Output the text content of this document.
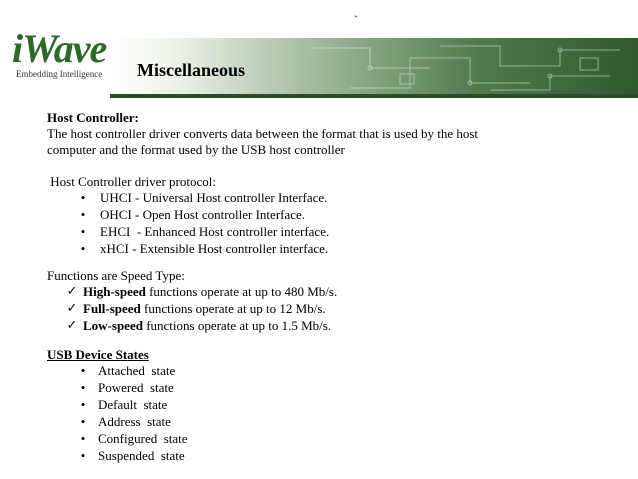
`
iWave
Embedding Intelligence Miscellaneous

Host Controller:

The host controller driver converts data between the format that is used by the host

computer and the format used by the USB host controller

Host Controller driver protocol:

• UHCI - Universal Host controller Interface.
• OHCI - Open Host controller Interface.
• EHCI  - Enhanced Host controller interface.
• xHCI - Extensible Host controller interface.

Functions are Speed Type:

✓ High-speed functions operate at up to 480 Mb/s.
✓ Full-speed functions operate at up to 12 Mb/s.
✓ Low-speed functions operate at up to 1.5 Mb/s.

USB Device States

• Attached  state
• Powered  state
• Default  state
• Address  state
• Configured  state
• Suspended  state
